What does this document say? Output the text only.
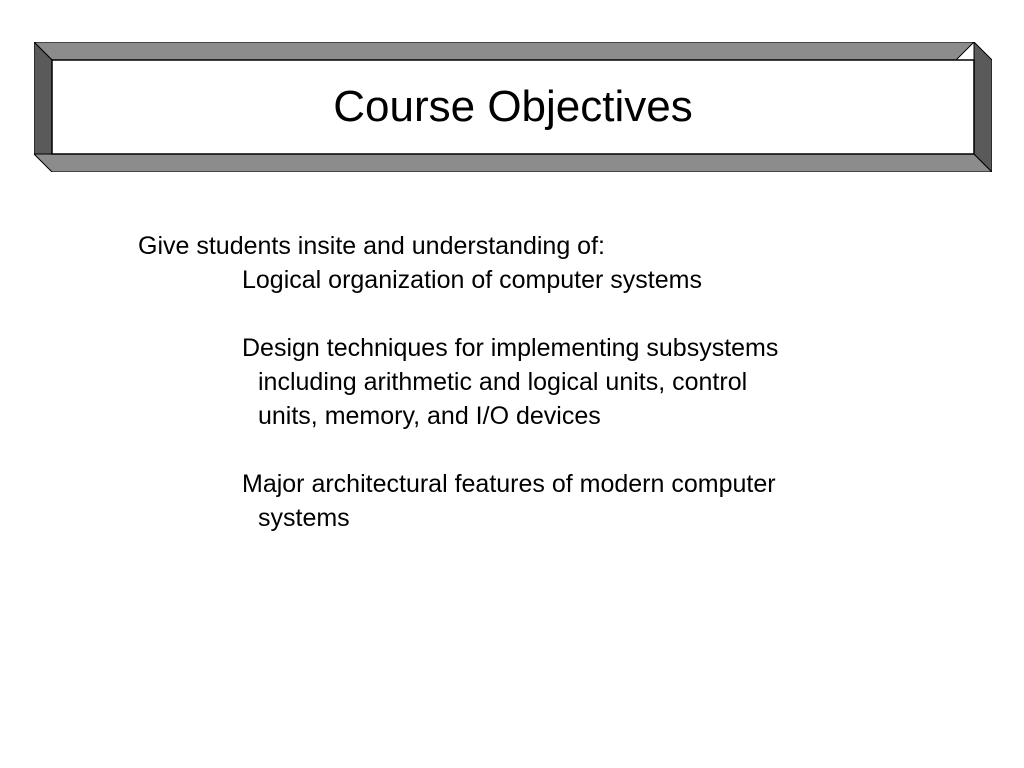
Course Objectives
Give students insite and understanding of:
Logical organization of computer systems
Design techniques for implementing subsystems
including arithmetic and logical units, control
units, memory, and I/O devices
Major architectural features of modern computer
systems
